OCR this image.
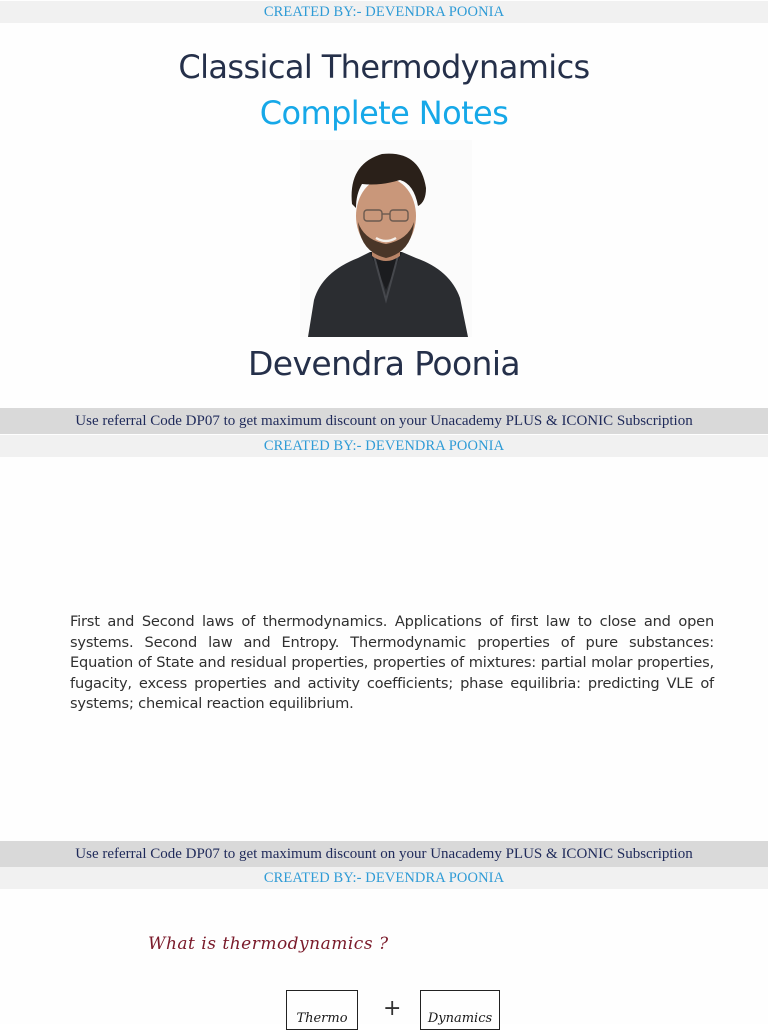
CREATED BY:- DEVENDRA POONIA
Classical Thermodynamics
Complete Notes
Devendra Poonia
Use referral Code DP07 to get maximum discount on your Unacademy PLUS & ICONIC Subscription
CREATED BY:- DEVENDRA POONIA
First and Second laws of thermodynamics. Applications of first law to close and open systems. Second law and Entropy. Thermodynamic properties of pure substances: Equation of State and residual properties, properties of mixtures: partial molar properties, fugacity, excess properties and activity coefficients; phase equilibria: predicting VLE of systems; chemical reaction equilibrium.
Use referral Code DP07 to get maximum discount on your Unacademy PLUS & ICONIC Subscription
CREATED BY:- DEVENDRA POONIA
What is thermodynamics ?
Thermo	+	Dynamics
